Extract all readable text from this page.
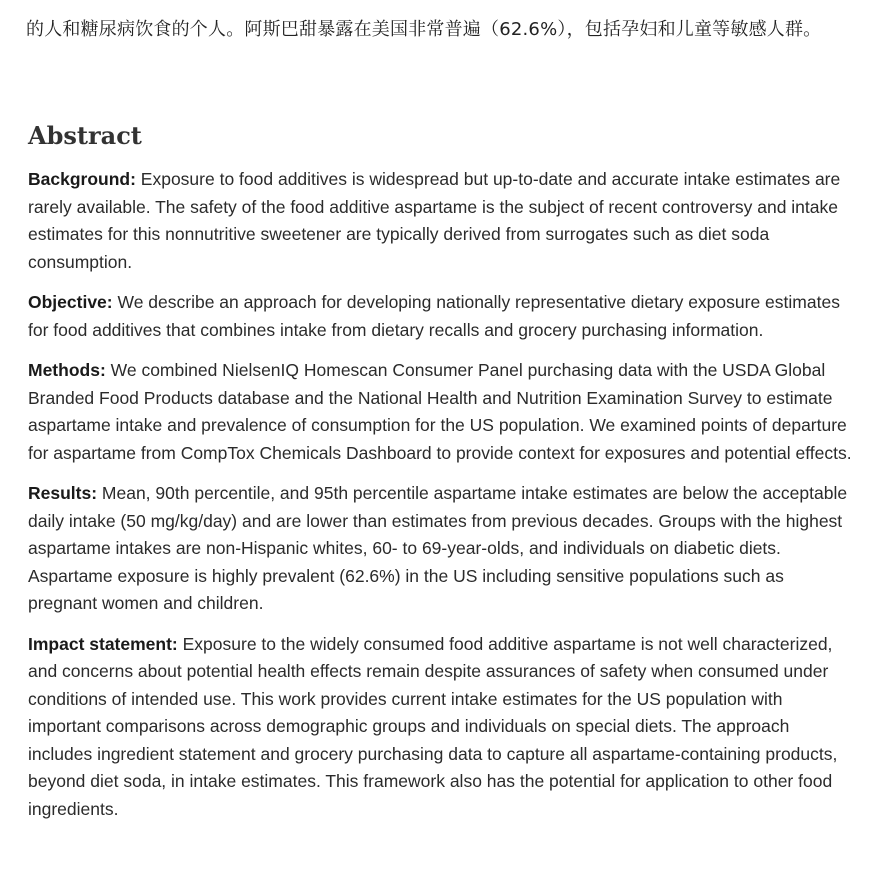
的人和糖尿病饮食的个人。阿斯巴甜暴露在美国非常普遍（62.6%），包括孕妇和儿童等敏感人群。
Abstract

Background: Exposure to food additives is widespread but up-to-date and accurate intake estimates are rarely available. The safety of the food additive aspartame is the subject of recent controversy and intake estimates for this nonnutritive sweetener are typically derived from surrogates such as diet soda consumption.

Objective: We describe an approach for developing nationally representative dietary exposure estimates for food additives that combines intake from dietary recalls and grocery purchasing information.

Methods: We combined NielsenIQ Homescan Consumer Panel purchasing data with the USDA Global Branded Food Products database and the National Health and Nutrition Examination Survey to estimate aspartame intake and prevalence of consumption for the US population. We examined points of departure for aspartame from CompTox Chemicals Dashboard to provide context for exposures and potential effects.

Results: Mean, 90th percentile, and 95th percentile aspartame intake estimates are below the acceptable daily intake (50 mg/kg/day) and are lower than estimates from previous decades. Groups with the highest aspartame intakes are non-Hispanic whites, 60- to 69-year-olds, and individuals on diabetic diets. Aspartame exposure is highly prevalent (62.6%) in the US including sensitive populations such as pregnant women and children.

Impact statement: Exposure to the widely consumed food additive aspartame is not well characterized, and concerns about potential health effects remain despite assurances of safety when consumed under conditions of intended use. This work provides current intake estimates for the US population with important comparisons across demographic groups and individuals on special diets. The approach includes ingredient statement and grocery purchasing data to capture all aspartame-containing products, beyond diet soda, in intake estimates. This framework also has the potential for application to other food ingredients.
